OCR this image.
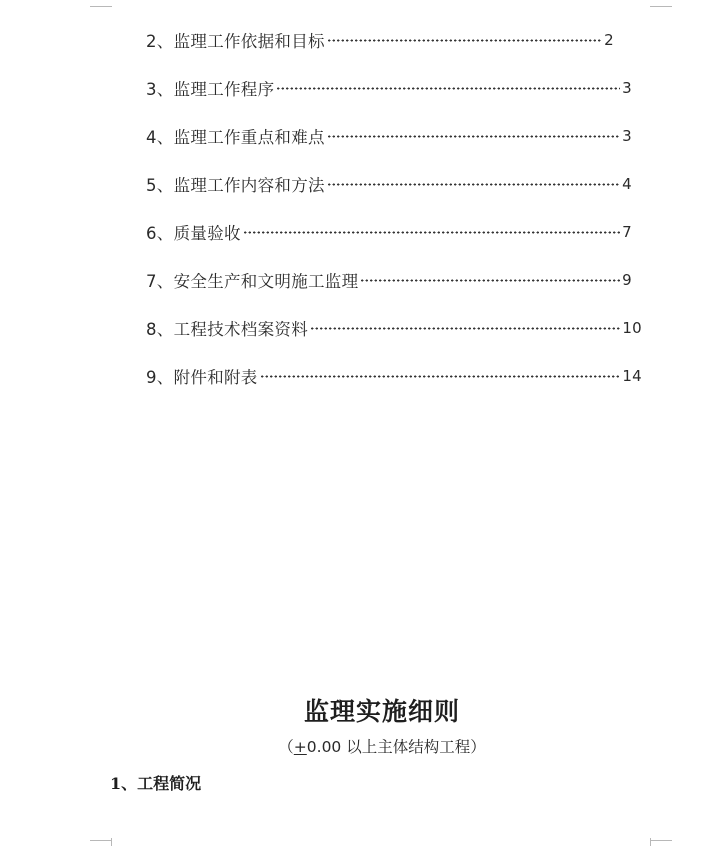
2、 监理工作依据和目标	2
3、 监理工作程序	3
4、 监理工作重点和难点	3
5、 监理工作内容和方法	4
6、 质量验收	7
7、 安全生产和文明施工监理	9
8、 工程技术档案资料	10
9、 附件和附表	14
监理实施细则
（+0.00 以上主体结构工程）
1、工程简况
